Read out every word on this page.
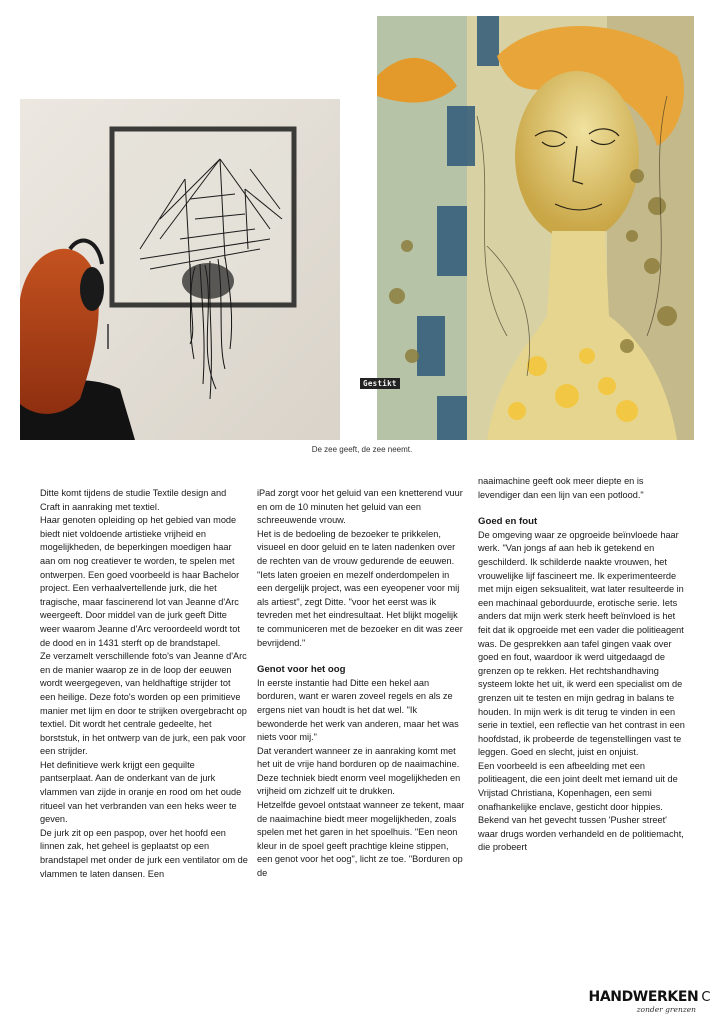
Gestikt
De zee geeft, de zee neemt.

Ditte komt tijdens de studie Textile design and Craft in aanraking met textiel.

Haar genoten opleiding op het gebied van mode biedt niet voldoende artistieke vrijheid en mogelijkheden, de beperkingen moedigen haar aan om nog creatiever te worden, te spelen met ontwerpen. Een goed voorbeeld is haar Bachelor project. Een verhaalvertellende jurk, die het tragische, maar fascinerend lot van Jeanne d'Arc weergeeft. Door middel van de jurk geeft Ditte weer waarom Jeanne d'Arc veroordeeld wordt tot de dood en in 1431 sterft op de brandstapel.

Ze verzamelt verschillende foto's van Jeanne d'Arc en de manier waarop ze in de loop der eeuwen wordt weergegeven, van heldhaftige strijder tot een heilige. Deze foto's worden op een primitieve manier met lijm en door te strijken overgebracht op textiel. Dit wordt het centrale gedeelte, het borststuk, in het ontwerp van de jurk, een pak voor een strijder.

Het definitieve werk krijgt een gequilte pantserplaat. Aan de onderkant van de jurk vlammen van zijde in oranje en rood om het oude ritueel van het verbranden van een heks weer te geven.

De jurk zit op een paspop, over het hoofd een linnen zak, het geheel is geplaatst op een brandstapel met onder de jurk een ventilator om de vlammen te laten dansen. Een

iPad zorgt voor het geluid van een knetterend vuur en om de 10 minuten het geluid van een schreeuwende vrouw.

Het is de bedoeling de bezoeker te prikkelen, visueel en door geluid en te laten nadenken over de rechten van de vrouw gedurende de eeuwen. "Iets laten groeien en mezelf onderdompelen in een dergelijk project, was een eyeopener voor mij als artiest", zegt Ditte. "voor het eerst was ik tevreden met het eindresultaat. Het blijkt mogelijk te communiceren met de bezoeker en dit was zeer bevrijdend."

Genot voor het oog

In eerste instantie had Ditte een hekel aan borduren, want er waren zoveel regels en als ze ergens niet van houdt is het dat wel. "Ik bewonderde het werk van anderen, maar het was niets voor mij."

Dat verandert wanneer ze in aanraking komt met het uit de vrije hand borduren op de naaimachine. Deze techniek biedt enorm veel mogelijkheden en vrijheid om zichzelf uit te drukken.

Hetzelfde gevoel ontstaat wanneer ze tekent, maar de naaimachine biedt meer mogelijkheden, zoals spelen met het garen in het spoelhuis. "Een neon kleur in de spoel geeft prachtige kleine stippen, een genot voor het oog", licht ze toe. "Borduren op de

naaimachine geeft ook meer diepte en is levendiger dan een lijn van een potlood."

Goed en fout

De omgeving waar ze opgroeide beïnvloede haar werk. "Van jongs af aan heb ik getekend en geschilderd. Ik schilderde naakte vrouwen, het vrouwelijke lijf fascineert me. Ik experimenteerde met mijn eigen seksualiteit, wat later resulteerde in een machinaal geborduurde, erotische serie. Iets anders dat mijn werk sterk heeft beïnvloed is het feit dat ik opgroeide met een vader die politieagent was. De gesprekken aan tafel gingen vaak over goed en fout, waardoor ik werd uitgedaagd de grenzen op te rekken. Het rechtshandhaving systeem lokte het uit, ik werd een specialist om de grenzen uit te testen en mijn gedrag in balans te houden. In mijn werk is dit terug te vinden in een serie in textiel, een reflectie van het contrast in een hoofdstad, ik probeerde de tegenstellingen vast te leggen. Goed en slecht, juist en onjuist.

Een voorbeeld is een afbeelding met een politieagent, die een joint deelt met iemand uit de Vrijstad Christiana, Kopenhagen, een semi onafhankelijke enclave, gesticht door hippies. Bekend van het gevecht tussen 'Pusher street' waar drugs worden verhandeld en de politiemacht, die probeert

HANDWERKEN С
zonder grenzen
